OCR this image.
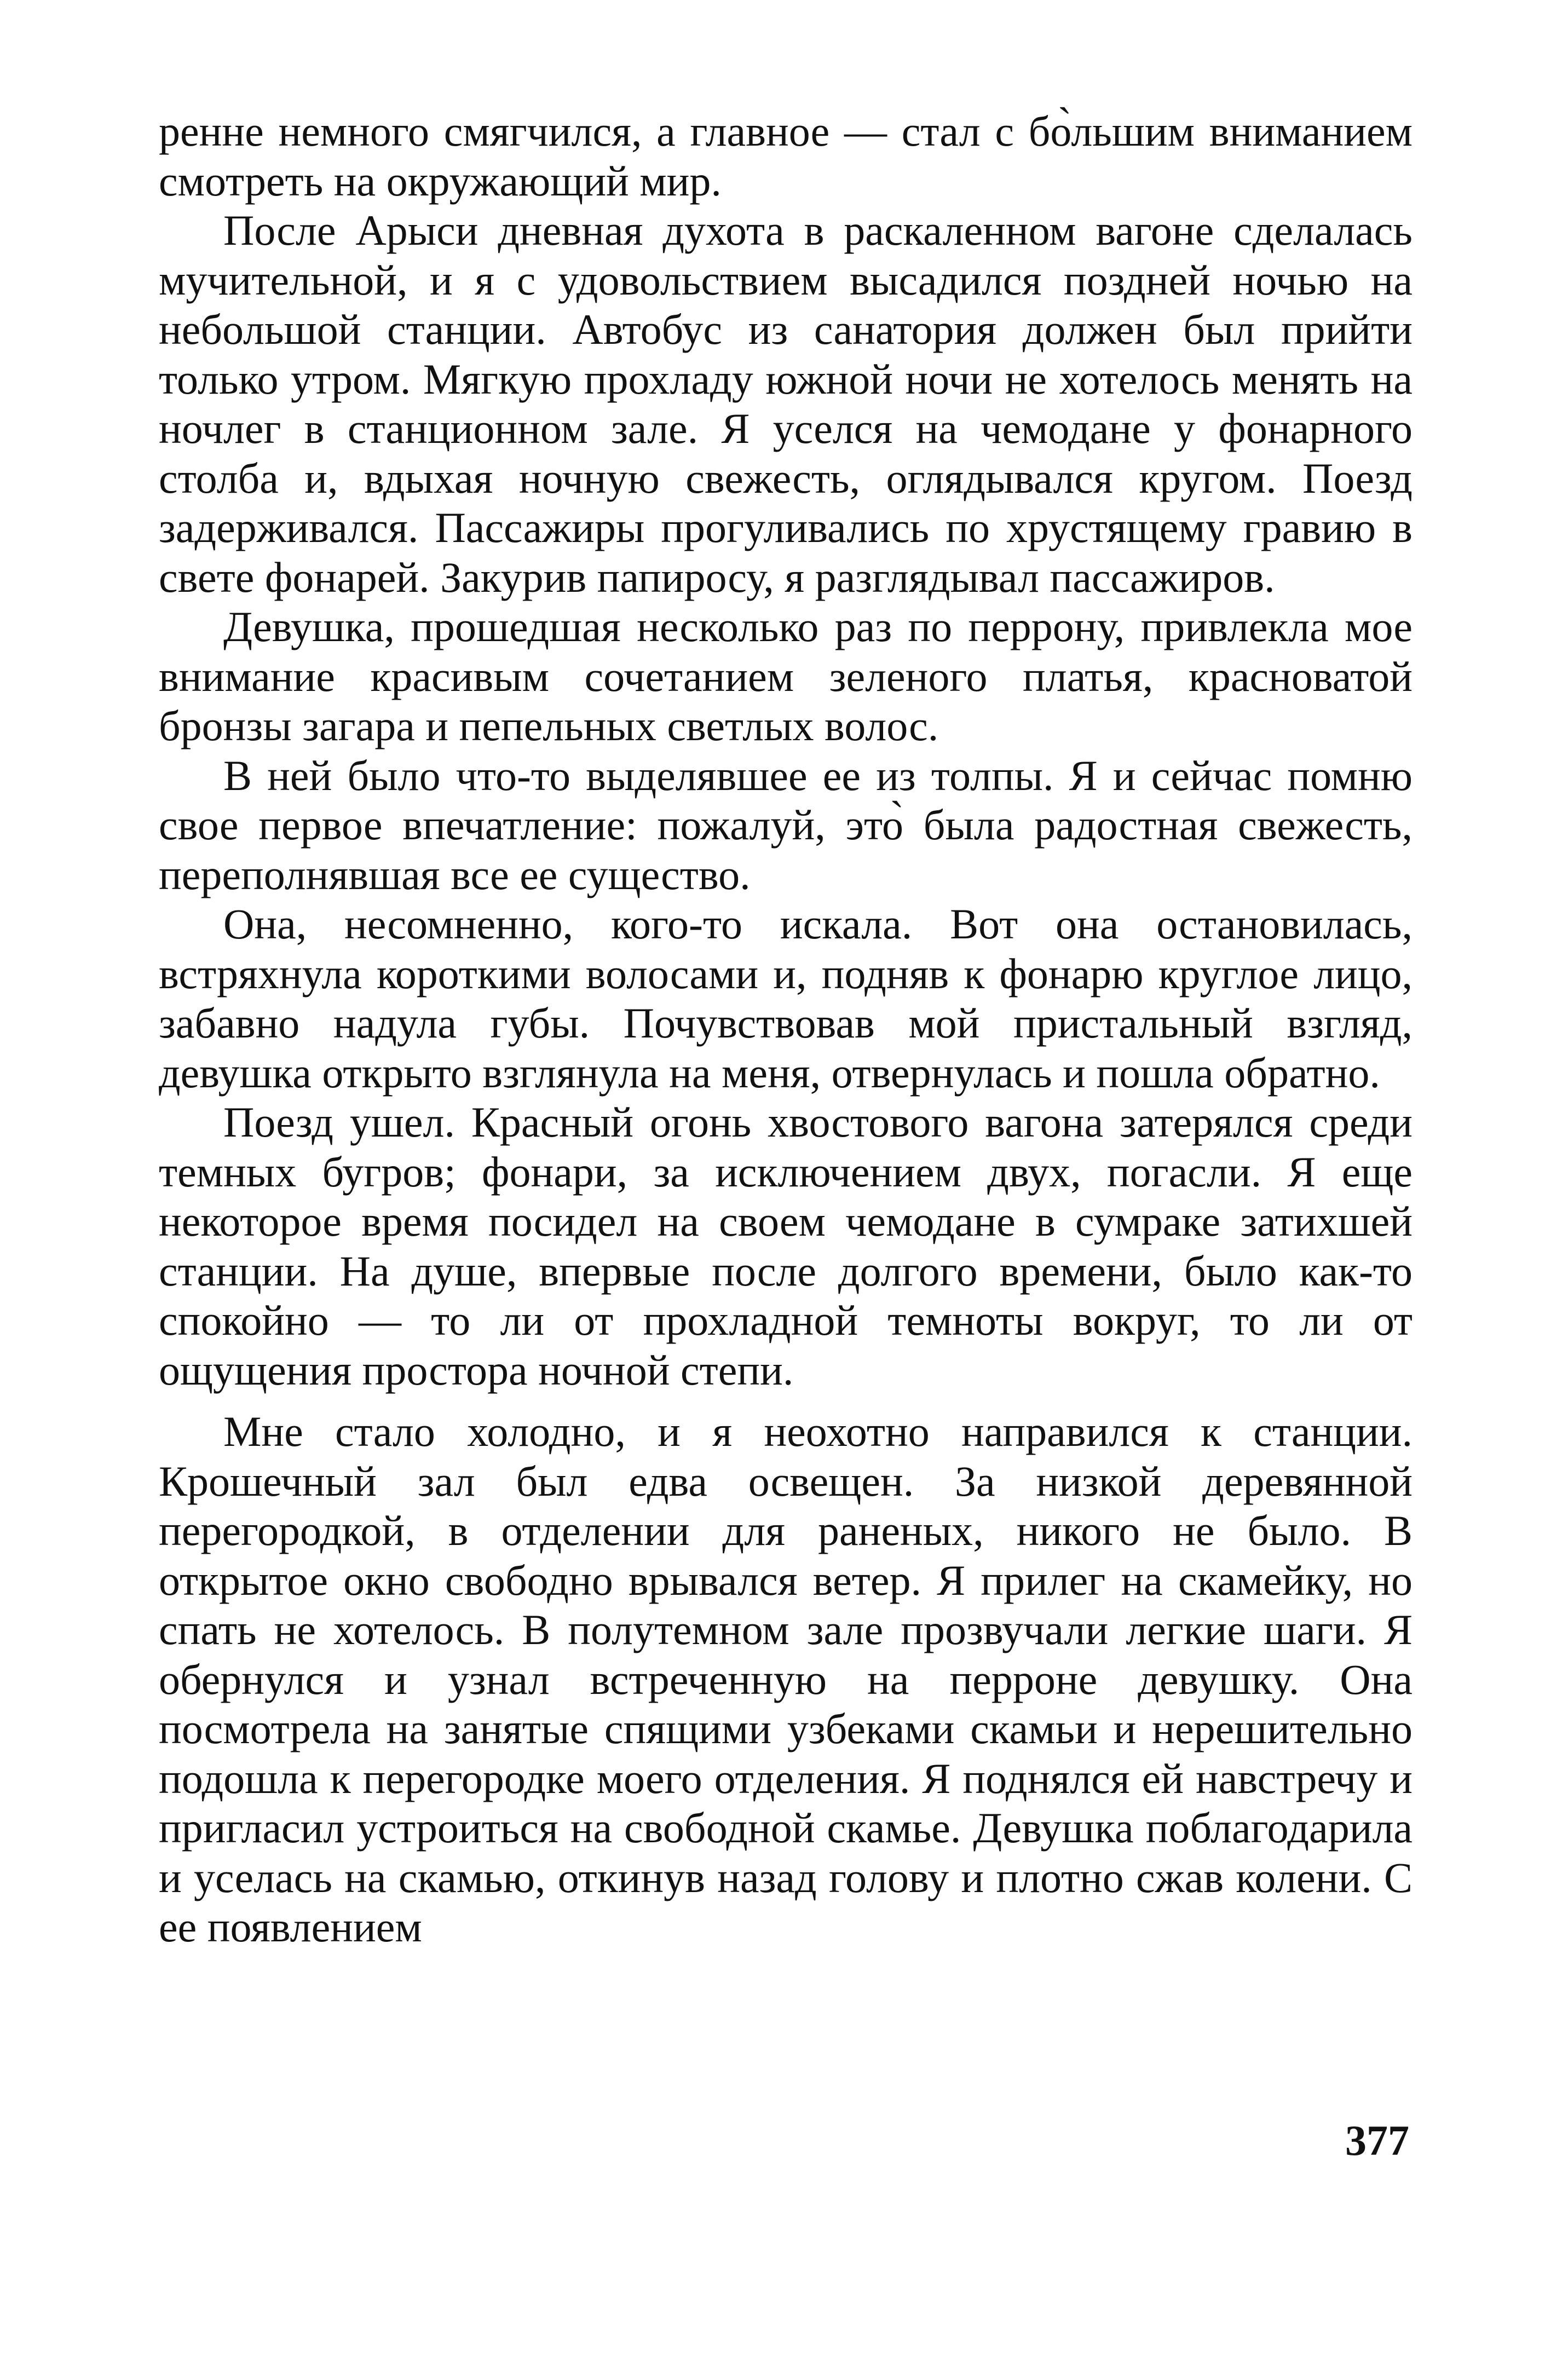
ренне немного смягчился, а главное — стал с бо̀льшим вниманием смотреть на окружающий мир.

После Арыси дневная духота в раскаленном вагоне сделалась мучительной, и я с удовольствием высадился поздней ночью на небольшой станции. Автобус из санатория должен был прийти только утром. Мягкую прохладу южной ночи не хотелось менять на ночлег в станционном зале. Я уселся на чемодане у фонарного столба и, вдыхая ночную свежесть, оглядывался кругом. Поезд задерживался. Пассажиры прогуливались по хрустящему гравию в свете фонарей. Закурив папиросу, я разглядывал пассажиров.

Девушка, прошедшая несколько раз по перрону, привлекла мое внимание красивым сочетанием зеленого платья, красноватой бронзы загара и пепельных светлых волос.

В ней было что-то выделявшее ее из толпы. Я и сейчас помню свое первое впечатление: пожалуй, это̀ была радостная свежесть, переполнявшая все ее существо.

Она, несомненно, кого-то искала. Вот она остановилась, встряхнула короткими волосами и, подняв к фонарю круглое лицо, забавно надула губы. Почувствовав мой пристальный взгляд, девушка открыто взглянула на меня, отвернулась и пошла обратно.

Поезд ушел. Красный огонь хвостового вагона затерялся среди темных бугров; фонари, за исключением двух, погасли. Я еще некоторое время посидел на своем чемодане в сумраке затихшей станции. На душе, впервые после долгого времени, было как-то спокойно — то ли от прохладной темноты вокруг, то ли от ощущения простора ночной степи.

Мне стало холодно, и я неохотно направился к станции. Крошечный зал был едва освещен. За низкой деревянной перегородкой, в отделении для раненых, никого не было. В открытое окно свободно врывался ветер. Я прилег на скамейку, но спать не хотелось. В полутемном зале прозвучали легкие шаги. Я обернулся и узнал встреченную на перроне девушку. Она посмотрела на занятые спящими узбеками скамьи и нерешительно подошла к перегородке моего отделения. Я поднялся ей навстречу и пригласил устроиться на свободной скамье. Девушка поблагодарила и уселась на скамью, откинув назад голову и плотно сжав колени. С ее появлением

377
